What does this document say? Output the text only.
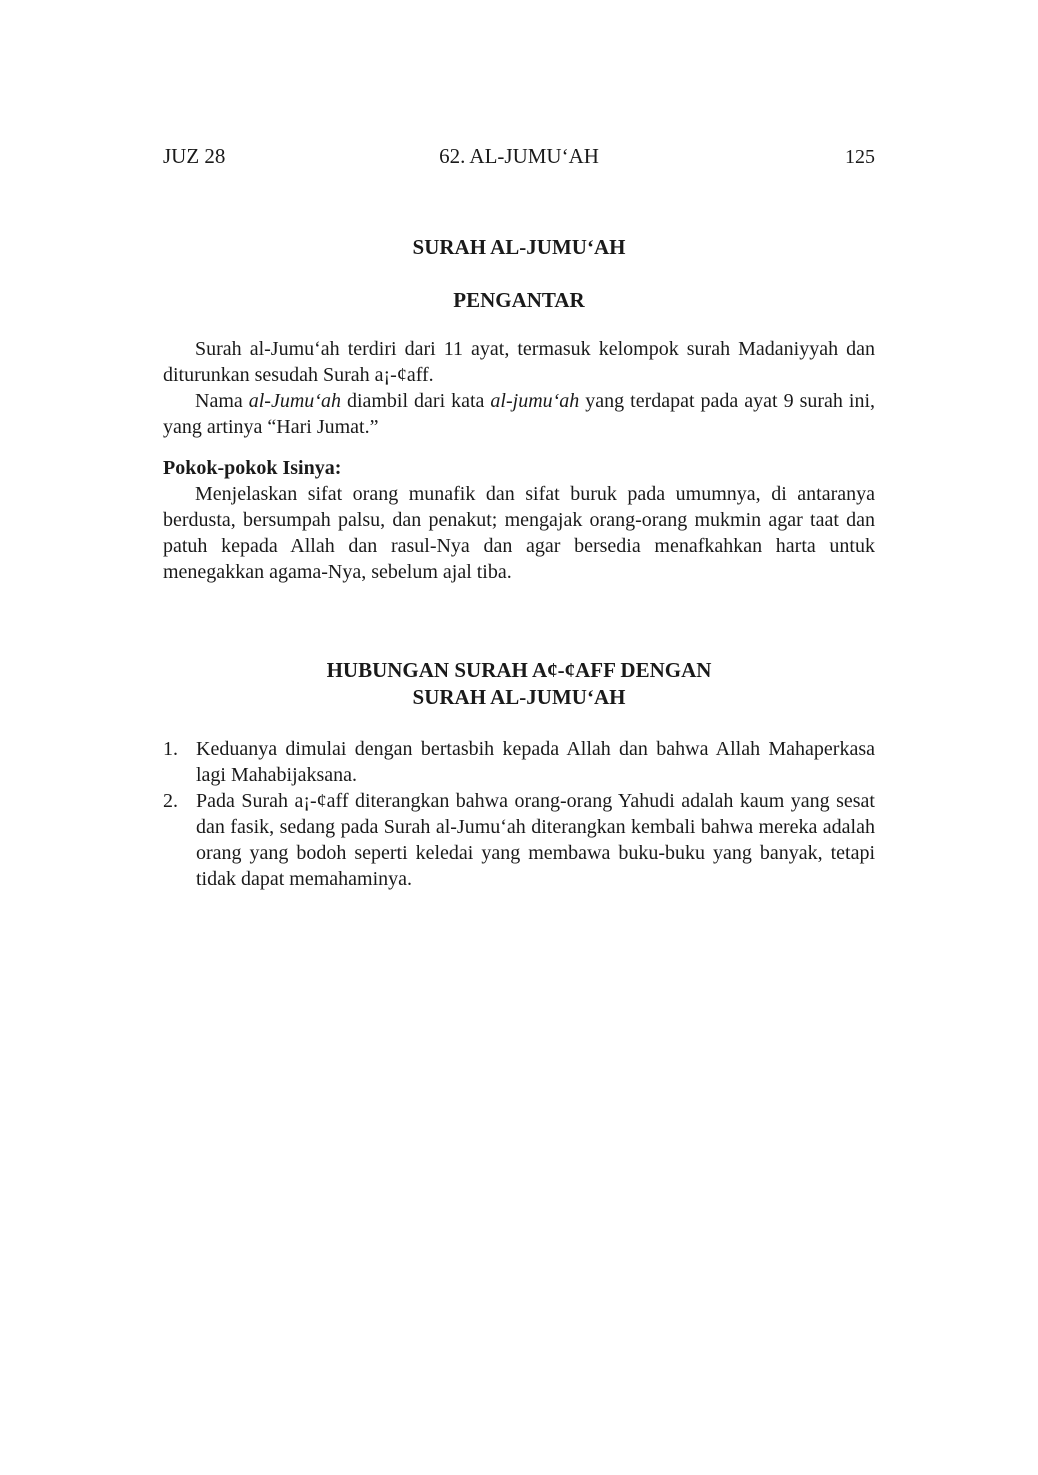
JUZ 28	62. AL-JUMU‘AH	125
SURAH AL-JUMU‘AH
PENGANTAR

Surah al-Jumu‘ah terdiri dari 11 ayat, termasuk kelompok surah Madaniyyah dan diturunkan sesudah Surah a¡-¢aff.

Nama al-Jumu‘ah diambil dari kata al-jumu‘ah yang terdapat pada ayat 9 surah ini, yang artinya “Hari Jumat.”

Pokok-pokok Isinya:

Menjelaskan sifat orang munafik dan sifat buruk pada umumnya, di antaranya berdusta, bersumpah palsu, dan penakut; mengajak orang-orang mukmin agar taat dan patuh kepada Allah dan rasul-Nya dan agar bersedia menafkahkan harta untuk menegakkan agama-Nya, sebelum ajal tiba.

HUBUNGAN SURAH A¢-¢AFF DENGAN
SURAH AL-JUMU‘AH
1. Keduanya dimulai dengan bertasbih kepada Allah dan bahwa Allah Mahaperkasa lagi Mahabijaksana.
2. Pada Surah a¡-¢aff diterangkan bahwa orang-orang Yahudi adalah kaum yang sesat dan fasik, sedang pada Surah al-Jumu‘ah diterangkan kembali bahwa mereka adalah orang yang bodoh seperti keledai yang membawa buku-buku yang banyak, tetapi tidak dapat memahaminya.
